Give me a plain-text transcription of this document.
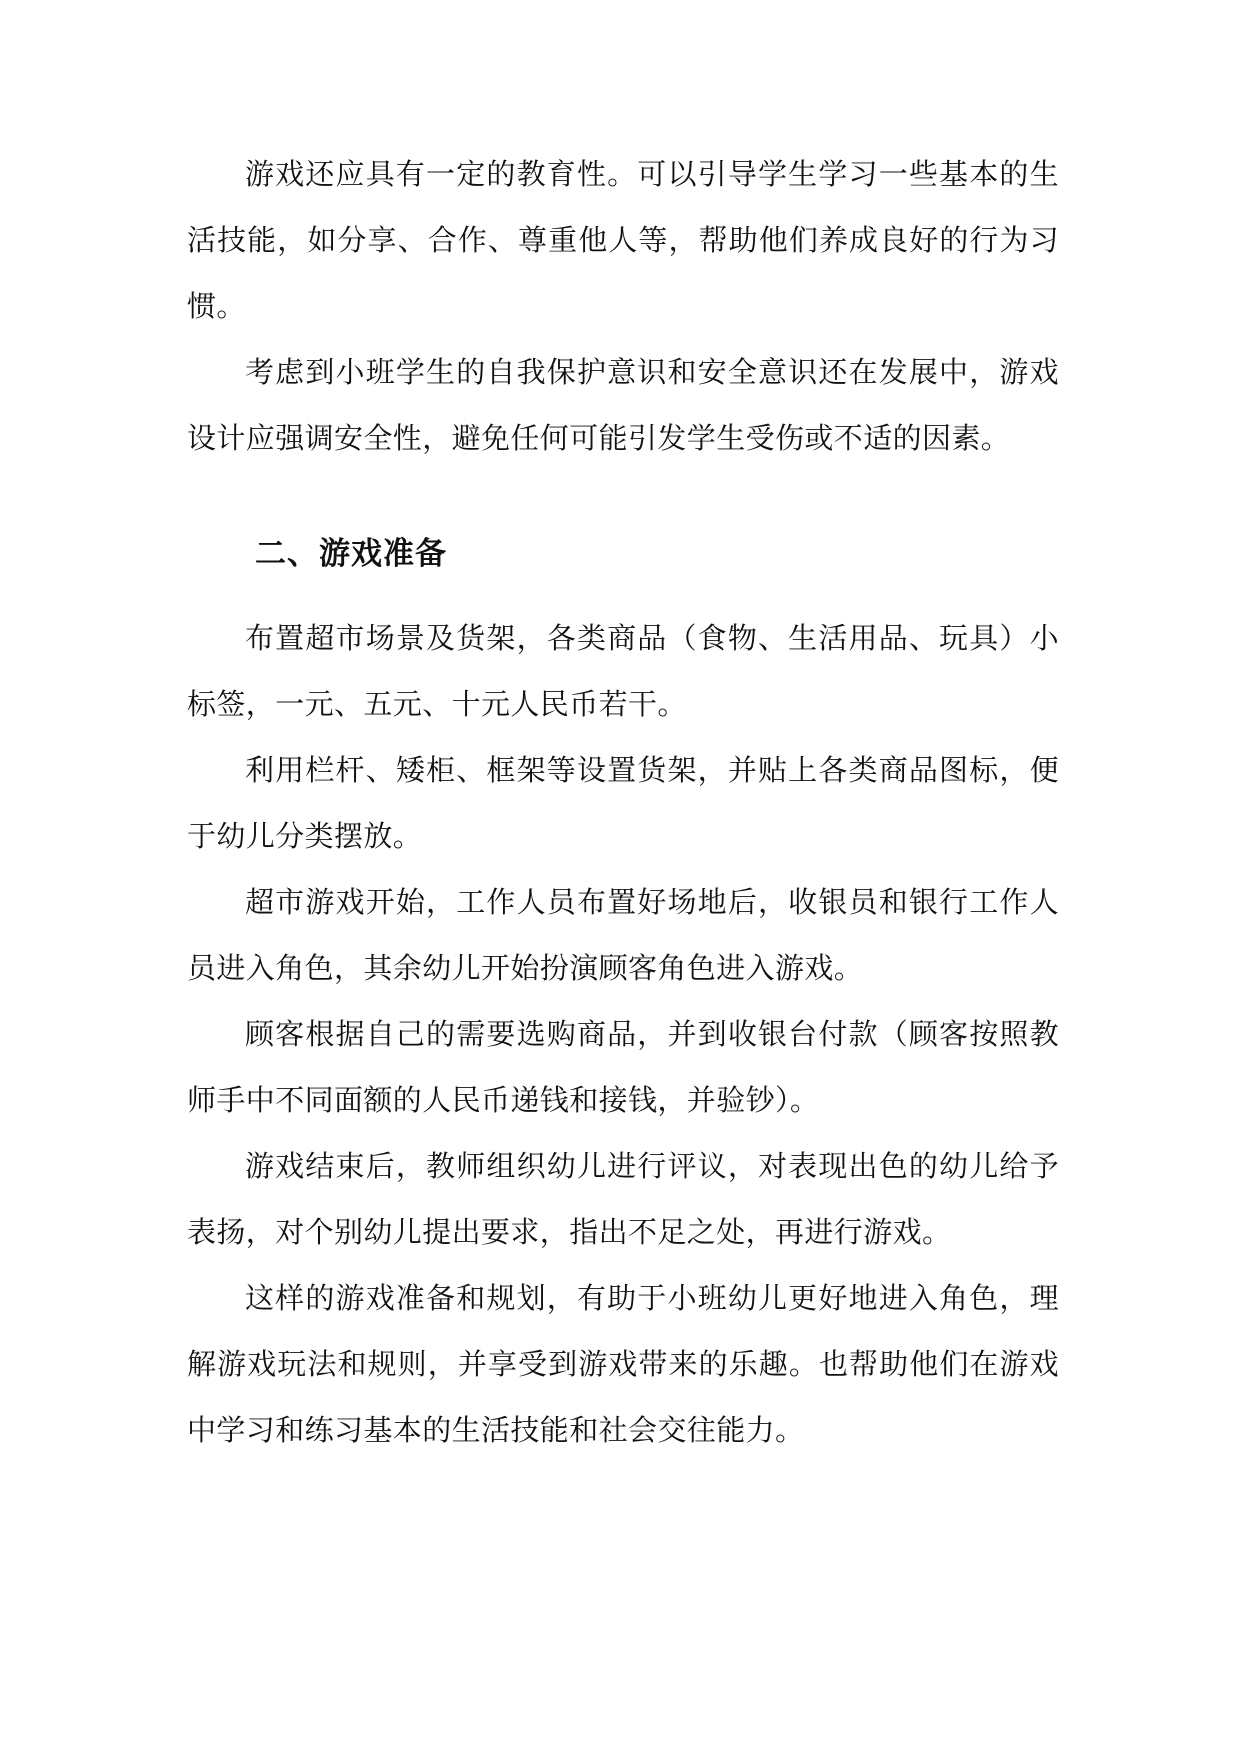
游戏还应具有一定的教育性。可以引导学生学习一些基本的生活技能，如分享、合作、尊重他人等，帮助他们养成良好的行为习惯。

考虑到小班学生的自我保护意识和安全意识还在发展中，游戏设计应强调安全性，避免任何可能引发学生受伤或不适的因素。

二、游戏准备

布置超市场景及货架，各类商品（食物、生活用品、玩具）小标签，一元、五元、十元人民币若干。

利用栏杆、矮柜、框架等设置货架，并贴上各类商品图标，便于幼儿分类摆放。

超市游戏开始，工作人员布置好场地后，收银员和银行工作人员进入角色，其余幼儿开始扮演顾客角色进入游戏。

顾客根据自己的需要选购商品，并到收银台付款（顾客按照教师手中不同面额的人民币递钱和接钱，并验钞）。

游戏结束后，教师组织幼儿进行评议，对表现出色的幼儿给予表扬，对个别幼儿提出要求，指出不足之处，再进行游戏。

这样的游戏准备和规划，有助于小班幼儿更好地进入角色，理解游戏玩法和规则，并享受到游戏带来的乐趣。也帮助他们在游戏中学习和练习基本的生活技能和社会交往能力。
